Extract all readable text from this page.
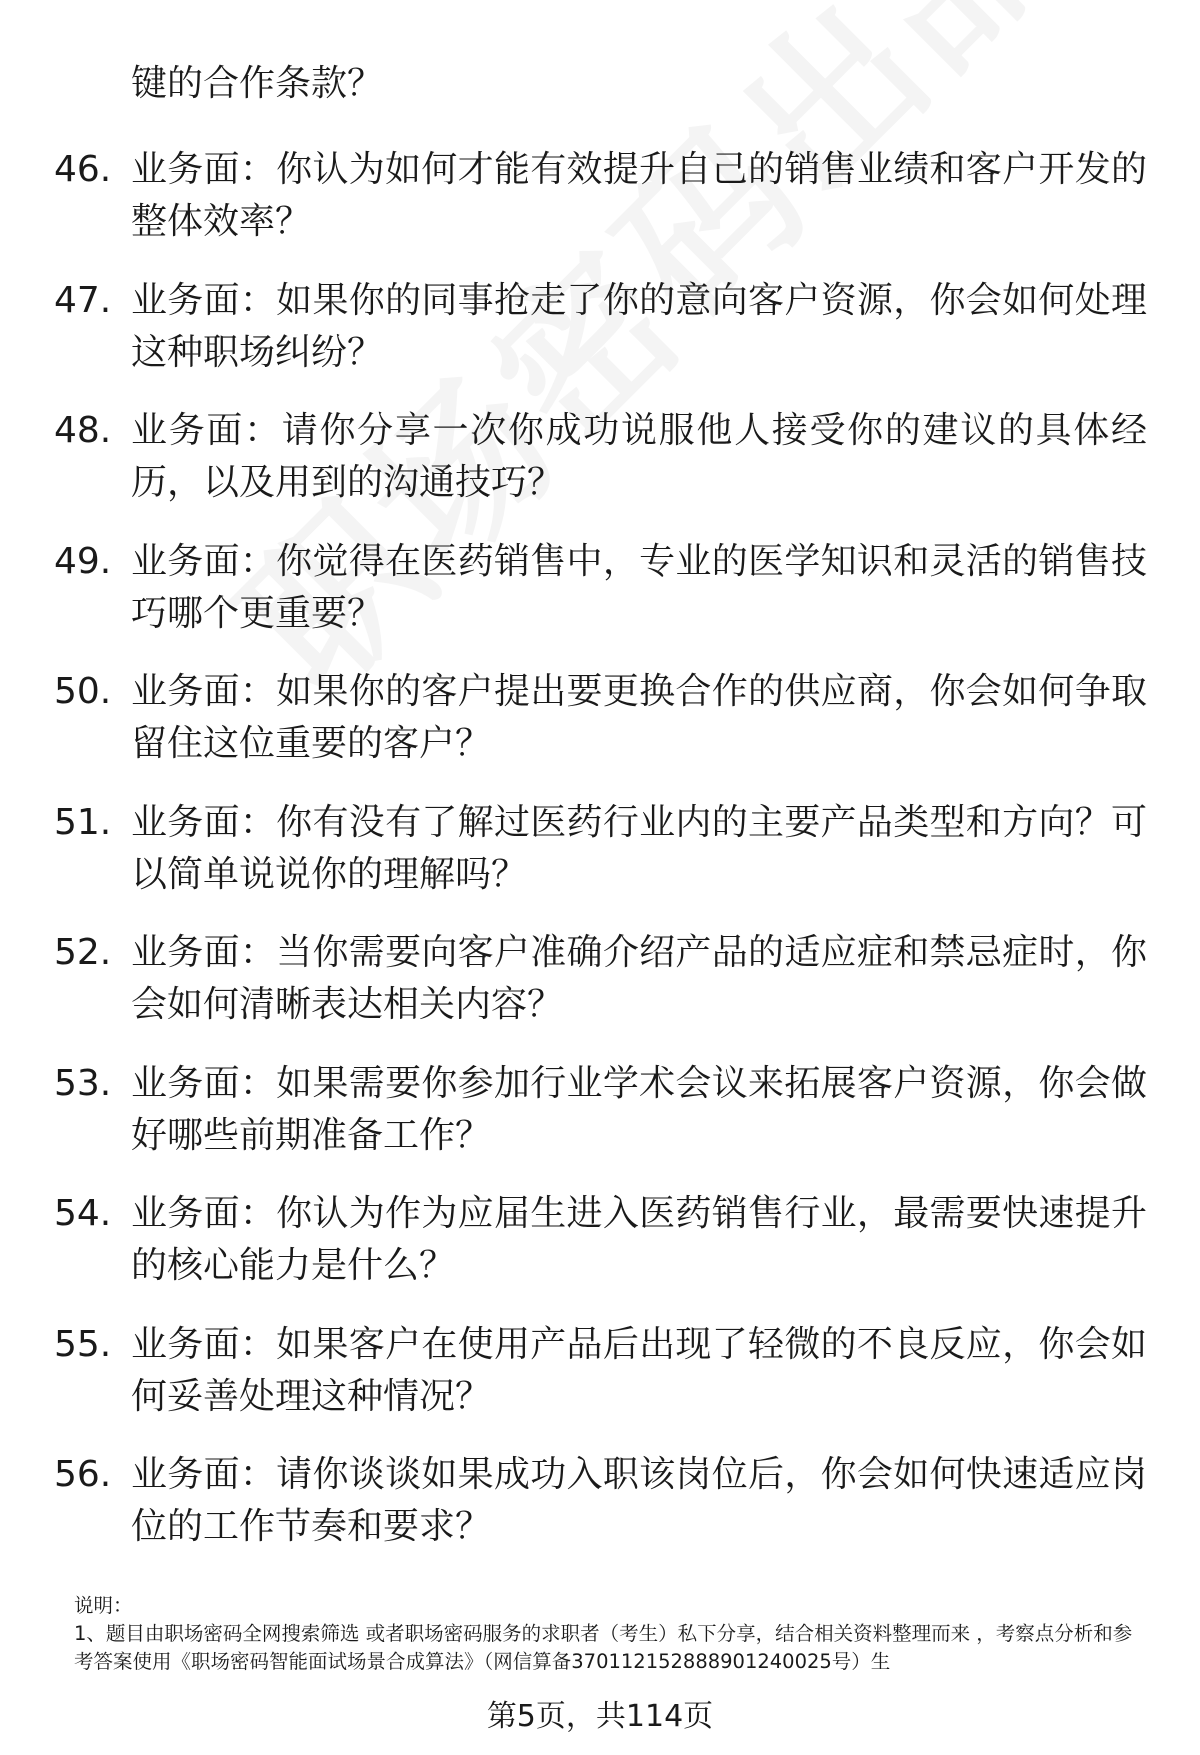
键的合作条款？

46. 业务面：你认为如何才能有效提升自己的销售业绩和客户开发的整体效率？
47. 业务面：如果你的同事抢走了你的意向客户资源，你会如何处理这种职场纠纷？
48. 业务面：请你分享一次你成功说服他人接受你的建议的具体经历，以及用到的沟通技巧？
49. 业务面：你觉得在医药销售中，专业的医学知识和灵活的销售技巧哪个更重要？
50. 业务面：如果你的客户提出要更换合作的供应商，你会如何争取留住这位重要的客户？
51. 业务面：你有没有了解过医药行业内的主要产品类型和方向？可以简单说说你的理解吗？
52. 业务面：当你需要向客户准确介绍产品的适应症和禁忌症时，你会如何清晰表达相关内容？
53. 业务面：如果需要你参加行业学术会议来拓展客户资源，你会做好哪些前期准备工作？
54. 业务面：你认为作为应届生进入医药销售行业，最需要快速提升的核心能力是什么？
55. 业务面：如果客户在使用产品后出现了轻微的不良反应，你会如何妥善处理这种情况？
56. 业务面：请你谈谈如果成功入职该岗位后，你会如何快速适应岗位的工作节奏和要求？

说明：

1、题目由职场密码全网搜索筛选 或者职场密码服务的求职者（考生）私下分享，结合相关资料整理而来 ，考察点分析和参考答案使用《职场密码智能面试场景合成算法》（网信算备370112152888901240025号）生

第5页，共114页
